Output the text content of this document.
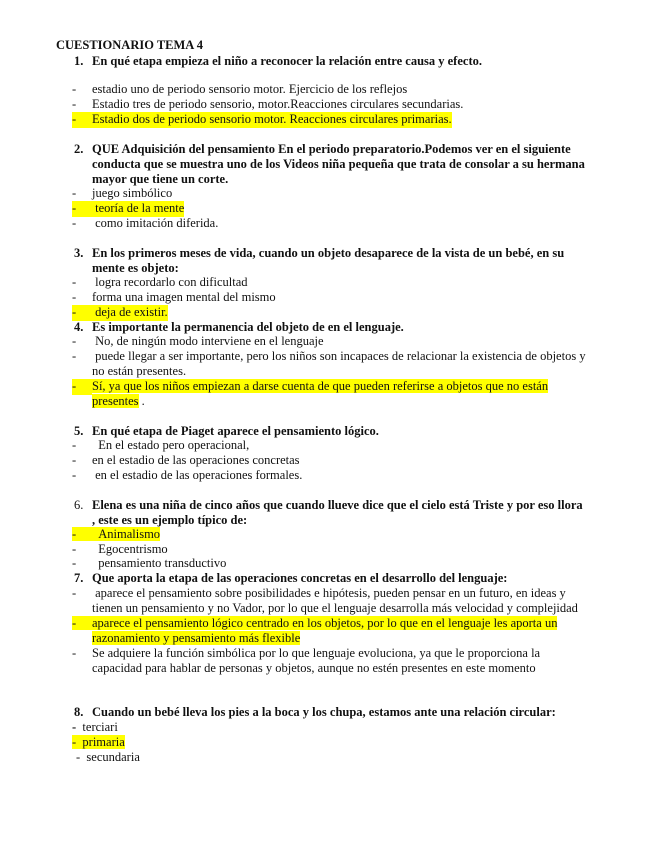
CUESTIONARIO TEMA 4
1. En qué etapa empieza el niño a reconocer la relación entre causa y efecto.
- estadio uno de periodo sensorio motor. Ejercicio de los reflejos
- Estadio tres de periodo sensorio, motor.Reacciones circulares secundarias.
- Estadio dos de periodo sensorio motor. Reacciones circulares primarias.
2. QUE Adquisición del pensamiento En el periodo preparatorio.Podemos ver en el siguiente
conducta que se muestra uno de los Videos niña pequeña que trata de consolar a su hermana
mayor que tiene un corte.
- juego simbólico
- teoría de la mente
- como imitación diferida.
3. En los primeros meses de vida, cuando un objeto desaparece de la vista de un bebé, en su
mente es objeto:
- logra recordarlo con dificultad
- forma una imagen mental del mismo
- deja de existir.
4. Es importante la permanencia del objeto de en el lenguaje.
- No, de ningún modo interviene en el lenguaje
- puede llegar a ser importante, pero los niños son incapaces de relacionar la existencia de objetos y
no están presentes.
- Sí, ya que los niños empiezan a darse cuenta de que pueden referirse a objetos que no están
presentes .
5. En qué etapa de Piaget aparece el pensamiento lógico.
- En el estado pero operacional,
- en el estadio de las operaciones concretas
- en el estadio de las operaciones formales.
6. Elena es una niña de cinco años que cuando llueve dice que el cielo está Triste y por eso llora
, este es un ejemplo típico de:
- Animalismo
- Egocentrismo
- pensamiento transductivo
7. Que aporta la etapa de las operaciones concretas en el desarrollo del lenguaje:
- aparece el pensamiento sobre posibilidades e hipótesis, pueden pensar en un futuro, en ideas y
tienen un pensamiento y no Vador, por lo que el lenguaje desarrolla más velocidad y complejidad
- aparece el pensamiento lógico centrado en los objetos, por lo que en el lenguaje les aporta un
razonamiento y pensamiento más flexible
- Se adquiere la función simbólica por lo que lenguaje evoluciona, ya que le proporciona la
capacidad para hablar de personas y objetos, aunque no estén presentes en este momento
8. Cuando un bebé lleva los pies a la boca y los chupa, estamos ante una relación circular:
- terciari
- primaria
- secundaria
